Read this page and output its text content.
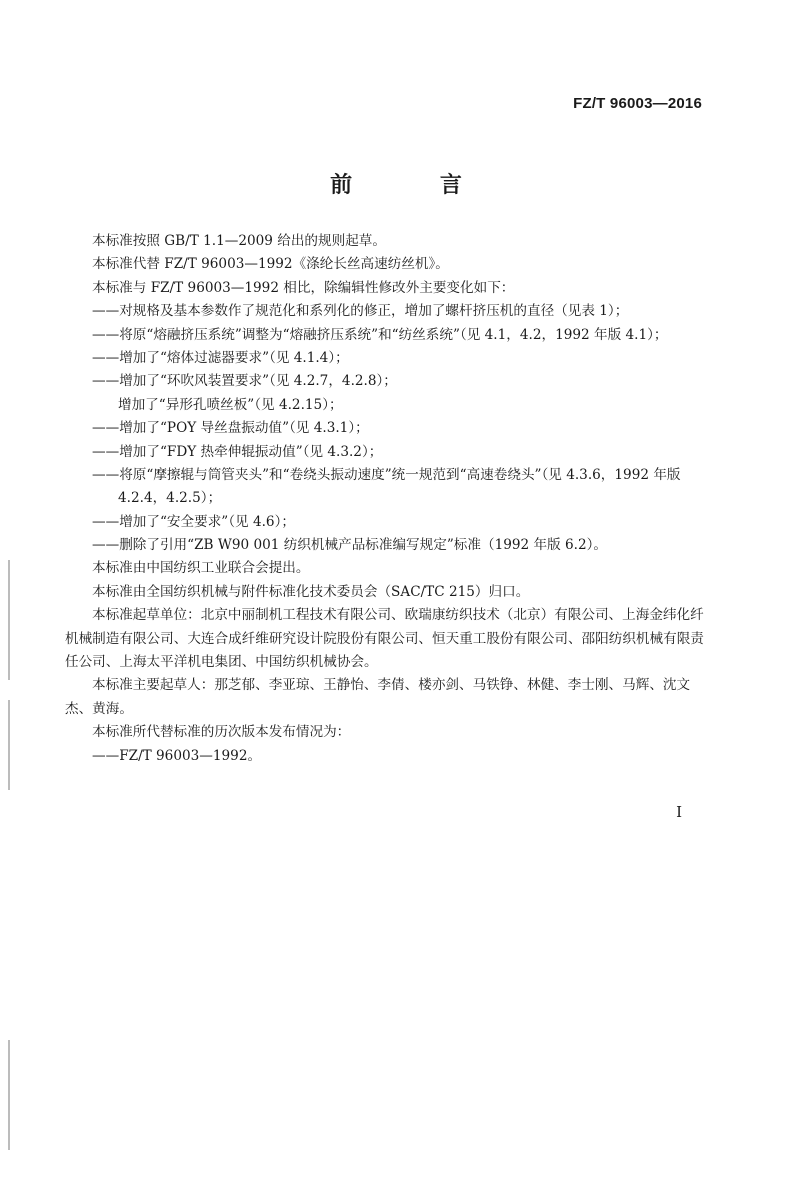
FZ/T 96003—2016
前 言
本标准按照 GB/T 1.1—2009 给出的规则起草。
本标准代替 FZ/T 96003—1992《涤纶长丝高速纺丝机》。
本标准与 FZ/T 96003—1992 相比，除编辑性修改外主要变化如下：
——对规格及基本参数作了规范化和系列化的修正，增加了螺杆挤压机的直径（见表 1）；
——将原“熔融挤压系统”调整为“熔融挤压系统”和“纺丝系统”（见 4.1，4.2，1992 年版 4.1）；
——增加了“熔体过滤器要求”（见 4.1.4）；
——增加了“环吹风装置要求”（见 4.2.7，4.2.8）；
增加了“异形孔喷丝板”（见 4.2.15）；
——增加了“POY 导丝盘振动值”（见 4.3.1）；
——增加了“FDY 热牵伸辊振动值”（见 4.3.2）；
——将原“摩擦辊与筒管夹头”和“卷绕头振动速度”统一规范到“高速卷绕头”（见 4.3.6，1992 年版
4.2.4，4.2.5）；
——增加了“安全要求”（见 4.6）；
——删除了引用“ZB W90 001 纺织机械产品标准编写规定”标准（1992 年版 6.2）。
本标准由中国纺织工业联合会提出。
本标准由全国纺织机械与附件标准化技术委员会（SAC/TC 215）归口。
本标准起草单位：北京中丽制机工程技术有限公司、欧瑞康纺织技术（北京）有限公司、上海金纬化纤机械制造有限公司、大连合成纤维研究设计院股份有限公司、恒天重工股份有限公司、邵阳纺织机械有限责任公司、上海太平洋机电集团、中国纺织机械协会。
本标准主要起草人：那芝郁、李亚琼、王静怡、李倩、楼亦剑、马铁铮、林健、李士刚、马辉、沈文杰、黄海。
本标准所代替标准的历次版本发布情况为：
——FZ/T 96003—1992。
I
